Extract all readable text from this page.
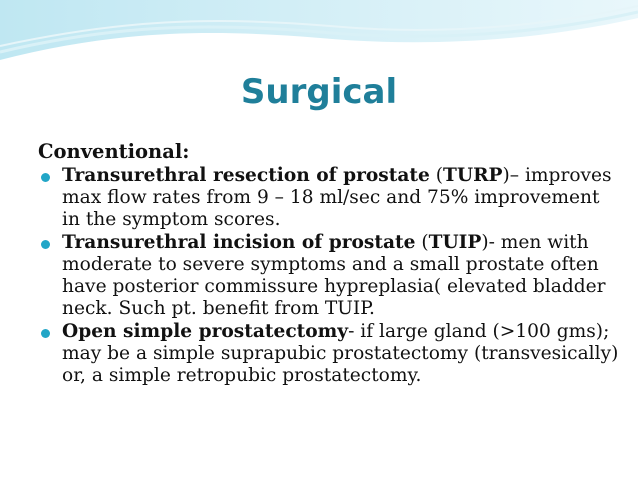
Surgical
Conventional:
Transurethral resection of prostate (TURP)– improves max flow rates from 9 – 18 ml/sec and 75% improvement in the symptom scores.
Transurethral incision of prostate (TUIP)- men with moderate to severe symptoms and a small prostate often have posterior commissure hypreplasia( elevated bladder neck. Such pt. benefit from TUIP.
Open simple prostatectomy- if large gland (>100 gms); may be a simple suprapubic prostatectomy (transvesically) or, a simple retropubic prostatectomy.
